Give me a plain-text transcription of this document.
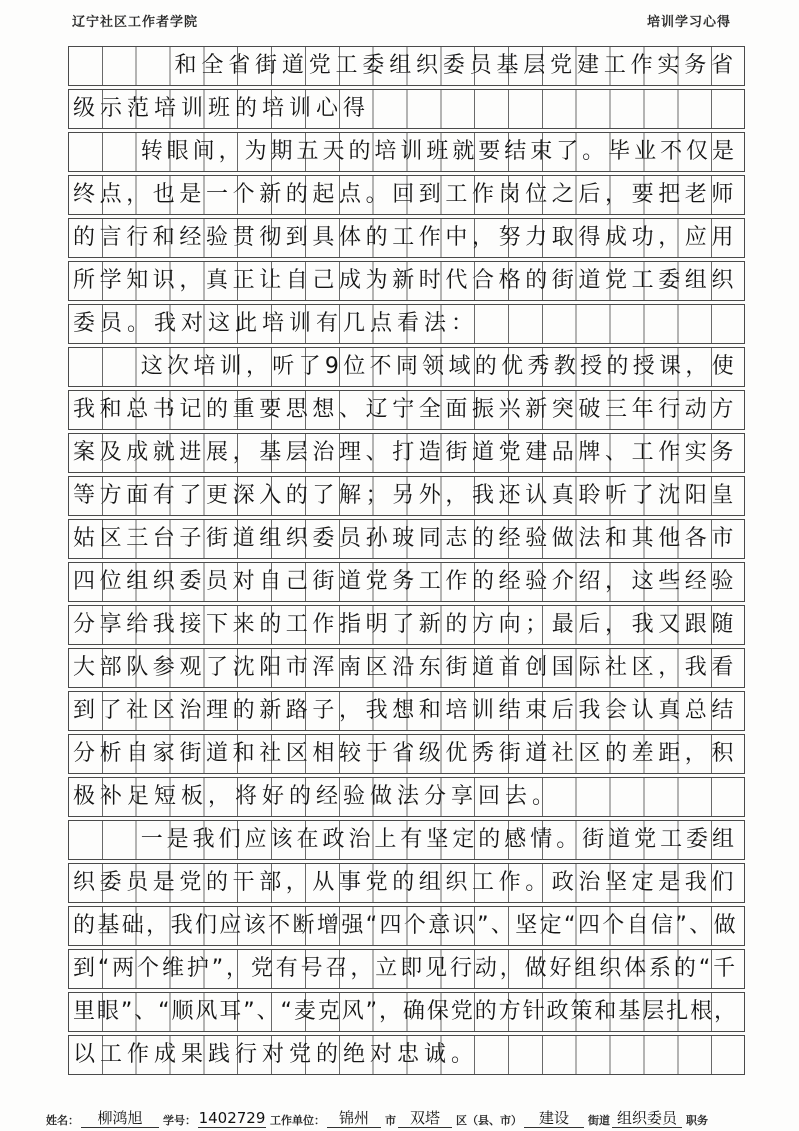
辽宁社区工作者学院	培训学习心得
和全省街道党工委组织委员基层党建工作实务省
级示范培训班的培训心得
转眼间，为期五天的培训班就要结束了。毕业不仅是
终点，也是一个新的起点。回到工作岗位之后，要把老师
的言行和经验贯彻到具体的工作中，努力取得成功，应用
所学知识，真正让自己成为新时代合格的街道党工委组织
委员。我对这此培训有几点看法：
这次培训，听了9位不同领域的优秀教授的授课，使
我和总书记的重要思想、辽宁全面振兴新突破三年行动方
案及成就进展，基层治理、打造街道党建品牌、工作实务
等方面有了更深入的了解；另外，我还认真聆听了沈阳皇
姑区三台子街道组织委员孙玻同志的经验做法和其他各市
四位组织委员对自己街道党务工作的经验介绍，这些经验
分享给我接下来的工作指明了新的方向；最后，我又跟随
大部队参观了沈阳市浑南区沿东街道首创国际社区，我看
到了社区治理的新路子，我想和培训结束后我会认真总结
分析自家街道和社区相较于省级优秀街道社区的差距，积
极补足短板，将好的经验做法分享回去。
一是我们应该在政治上有坚定的感情。街道党工委组
织委员是党的干部，从事党的组织工作。政治坚定是我们
的基础，我们应该不断增强“四个意识”、坚定“四个自信”、做
到“两个维护”，党有号召，立即见行动，做好组织体系的“千
里眼”、“顺风耳”、“麦克风”，确保党的方针政策和基层扎根，
以工作成果践行对党的绝对忠诚。
姓名：	柳鸿旭	学号： 1402729 工作单位： 锦州	市 双塔	区（县、市）	建设	街道 组织委员 职务
